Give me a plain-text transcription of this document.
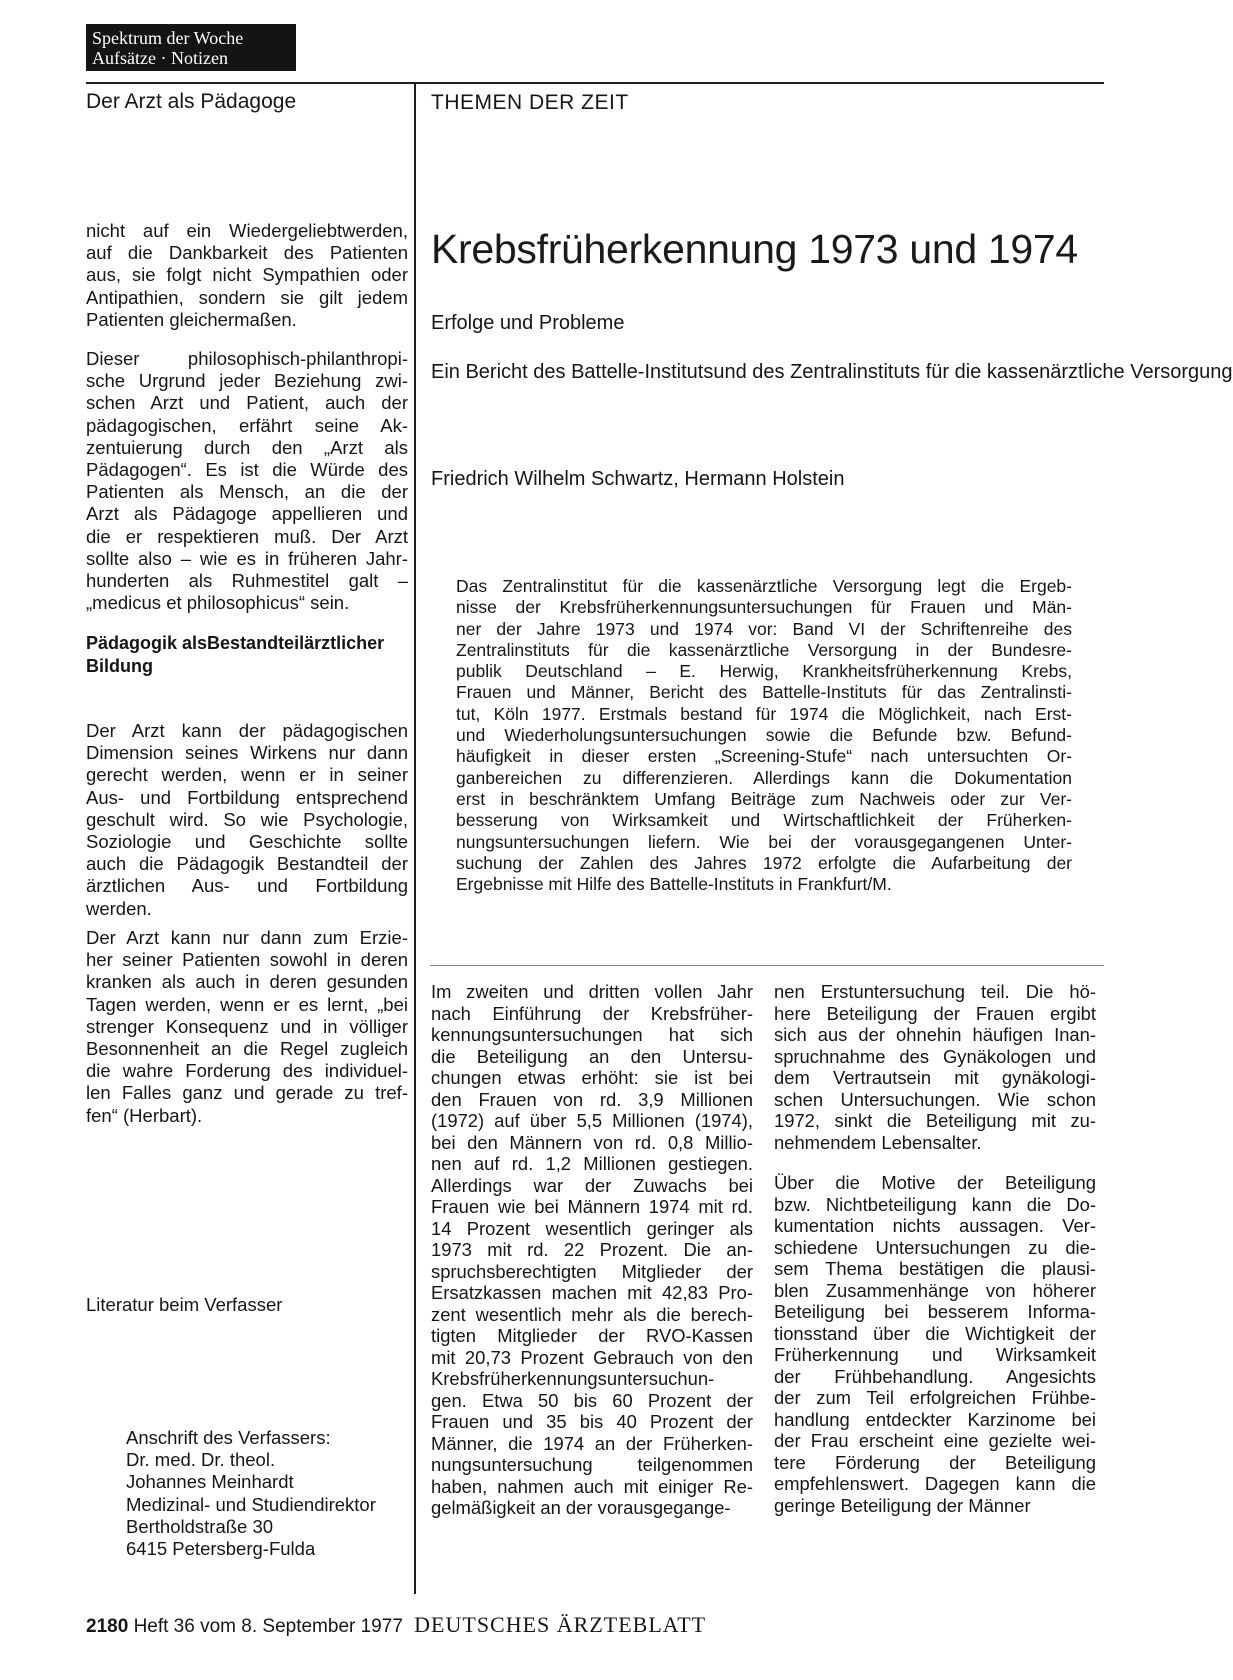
Spektrum der Woche
Aufsätze · Notizen
Der Arzt als Pädagoge	THEMEN DER ZEIT

nicht auf ein Wiedergeliebtwerden,
auf die Dankbarkeit des Patienten
aus, sie folgt nicht Sympathien oder
Antipathien, sondern sie gilt jedem
Patienten gleichermaßen.

Dieser philosophisch-philanthropi-
sche Urgrund jeder Beziehung zwi-
schen Arzt und Patient, auch der
pädagogischen, erfährt seine Ak-
zentuierung durch den „Arzt als
Pädagogen“. Es ist die Würde des
Patienten als Mensch, an die der
Arzt als Pädagoge appellieren und
die er respektieren muß. Der Arzt
sollte also – wie es in früheren Jahr-
hunderten als Ruhmestitel galt –
„medicus et philosophicus“ sein.

Pädagogik alsBestandteilärztlicher Bildung

Der Arzt kann der pädagogischen
Dimension seines Wirkens nur dann
gerecht werden, wenn er in seiner
Aus- und Fortbildung entsprechend
geschult wird. So wie Psychologie,
Soziologie und Geschichte sollte
auch die Pädagogik Bestandteil der
ärztlichen Aus- und Fortbildung
werden.

Der Arzt kann nur dann zum Erzie-
her seiner Patienten sowohl in deren
kranken als auch in deren gesunden
Tagen werden, wenn er es lernt, „bei
strenger Konsequenz und in völliger
Besonnenheit an die Regel zugleich
die wahre Forderung des individuel-
len Falles ganz und gerade zu tref-
fen“ (Herbart).

Literatur beim Verfasser
Anschrift des Verfassers:
Dr. med. Dr. theol.
Johannes Meinhardt
Medizinal- und Studiendirektor
Bertholdstraße 30
6415 Petersberg-Fulda
Krebsfrüherkennung 1973 und 1974
Erfolge und Probleme
Ein Bericht des Battelle-Institutsund des Zentralinstituts für die kassenärztliche Versorgung
Friedrich Wilhelm Schwartz, Hermann Holstein
Das Zentralinstitut für die kassenärztliche Versorgung legt die Ergeb-
nisse der Krebsfrüherkennungsuntersuchungen für Frauen und Män-
ner der Jahre 1973 und 1974 vor: Band VI der Schriftenreihe des
Zentralinstituts für die kassenärztliche Versorgung in der Bundesre-
publik Deutschland – E. Herwig, Krankheitsfrüherkennung Krebs,
Frauen und Männer, Bericht des Battelle-Instituts für das Zentralinsti-
tut, Köln 1977. Erstmals bestand für 1974 die Möglichkeit, nach Erst-
und Wiederholungsuntersuchungen sowie die Befunde bzw. Befund-
häufigkeit in dieser ersten „Screening-Stufe“ nach untersuchten Or-
ganbereichen zu differenzieren. Allerdings kann die Dokumentation
erst in beschränktem Umfang Beiträge zum Nachweis oder zur Ver-
besserung von Wirksamkeit und Wirtschaftlichkeit der Früherken-
nungsuntersuchungen liefern. Wie bei der vorausgegangenen Unter-
suchung der Zahlen des Jahres 1972 erfolgte die Aufarbeitung der
Ergebnisse mit Hilfe des Battelle-Instituts in Frankfurt/M.
Im zweiten und dritten vollen Jahr
nach Einführung der Krebsfrüher-
kennungsuntersuchungen hat sich
die Beteiligung an den Untersu-
chungen etwas erhöht: sie ist bei
den Frauen von rd. 3,9 Millionen
(1972) auf über 5,5 Millionen (1974),
bei den Männern von rd. 0,8 Millio-
nen auf rd. 1,2 Millionen gestiegen.
Allerdings war der Zuwachs bei
Frauen wie bei Männern 1974 mit rd.
14 Prozent wesentlich geringer als
1973 mit rd. 22 Prozent. Die an-
spruchsberechtigten Mitglieder der
Ersatzkassen machen mit 42,83 Pro-
zent wesentlich mehr als die berech-
tigten Mitglieder der RVO-Kassen
mit 20,73 Prozent Gebrauch von den
Krebsfrüherkennungsuntersuchun-
gen. Etwa 50 bis 60 Prozent der
Frauen und 35 bis 40 Prozent der
Männer, die 1974 an der Früherken-
nungsuntersuchung teilgenommen
haben, nahmen auch mit einiger Re-
gelmäßigkeit an der vorausgegange-
nen Erstuntersuchung teil. Die hö-
here Beteiligung der Frauen ergibt
sich aus der ohnehin häufigen Inan-
spruchnahme des Gynäkologen und
dem Vertrautsein mit gynäkologi-
schen Untersuchungen. Wie schon
1972, sinkt die Beteiligung mit zu-
nehmendem Lebensalter.
Über die Motive der Beteiligung
bzw. Nichtbeteiligung kann die Do-
kumentation nichts aussagen. Ver-
schiedene Untersuchungen zu die-
sem Thema bestätigen die plausi-
blen Zusammenhänge von höherer
Beteiligung bei besserem Informa-
tionsstand über die Wichtigkeit der
Früherkennung und Wirksamkeit
der Frühbehandlung. Angesichts
der zum Teil erfolgreichen Frühbe-
handlung entdeckter Karzinome bei
der Frau erscheint eine gezielte wei-
tere Förderung der Beteiligung
empfehlenswert. Dagegen kann die
geringe Beteiligung der Männer
2180 Heft 36 vom 8. September 1977 DEUTSCHES ÄRZTEBLATT
